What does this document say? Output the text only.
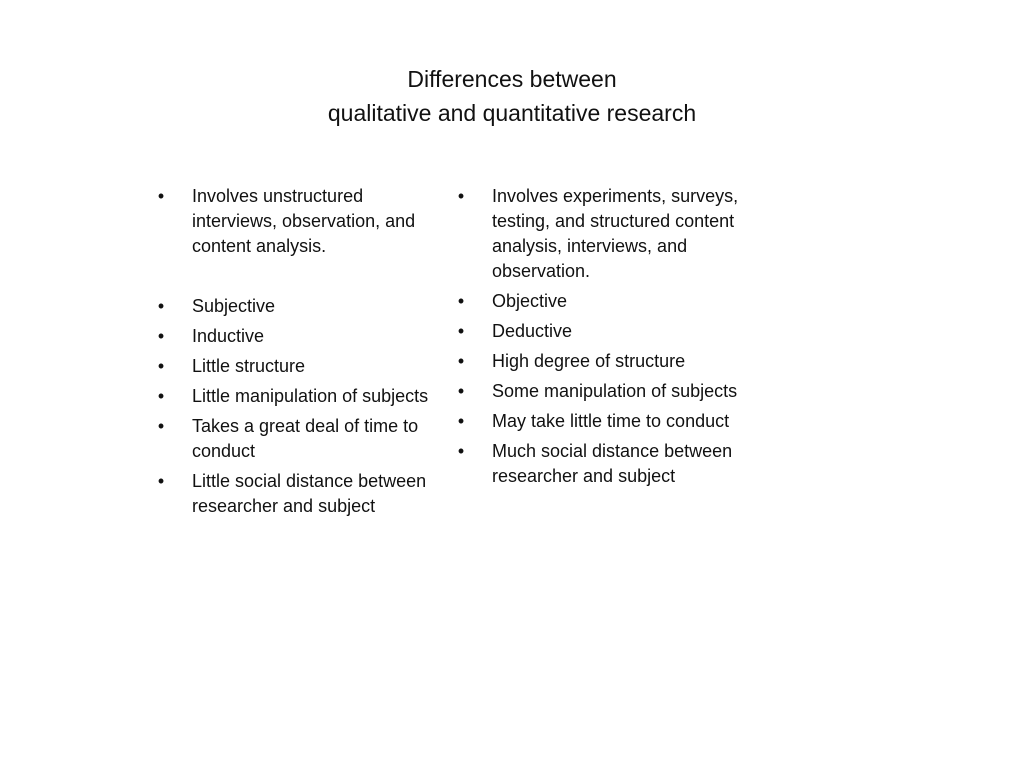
Differences between
qualitative and quantitative research
• Involves unstructured interviews, observation, and content analysis.
• Subjective
• Inductive
• Little structure
• Little manipulation of subjects
• Takes a great deal of time to conduct
• Little social distance between researcher and subject
• Involves experiments, surveys, testing, and structured content analysis, interviews, and observation.
• Objective
• Deductive
• High degree of structure
• Some manipulation of subjects
• May take little time to conduct
• Much social distance between researcher and subject
